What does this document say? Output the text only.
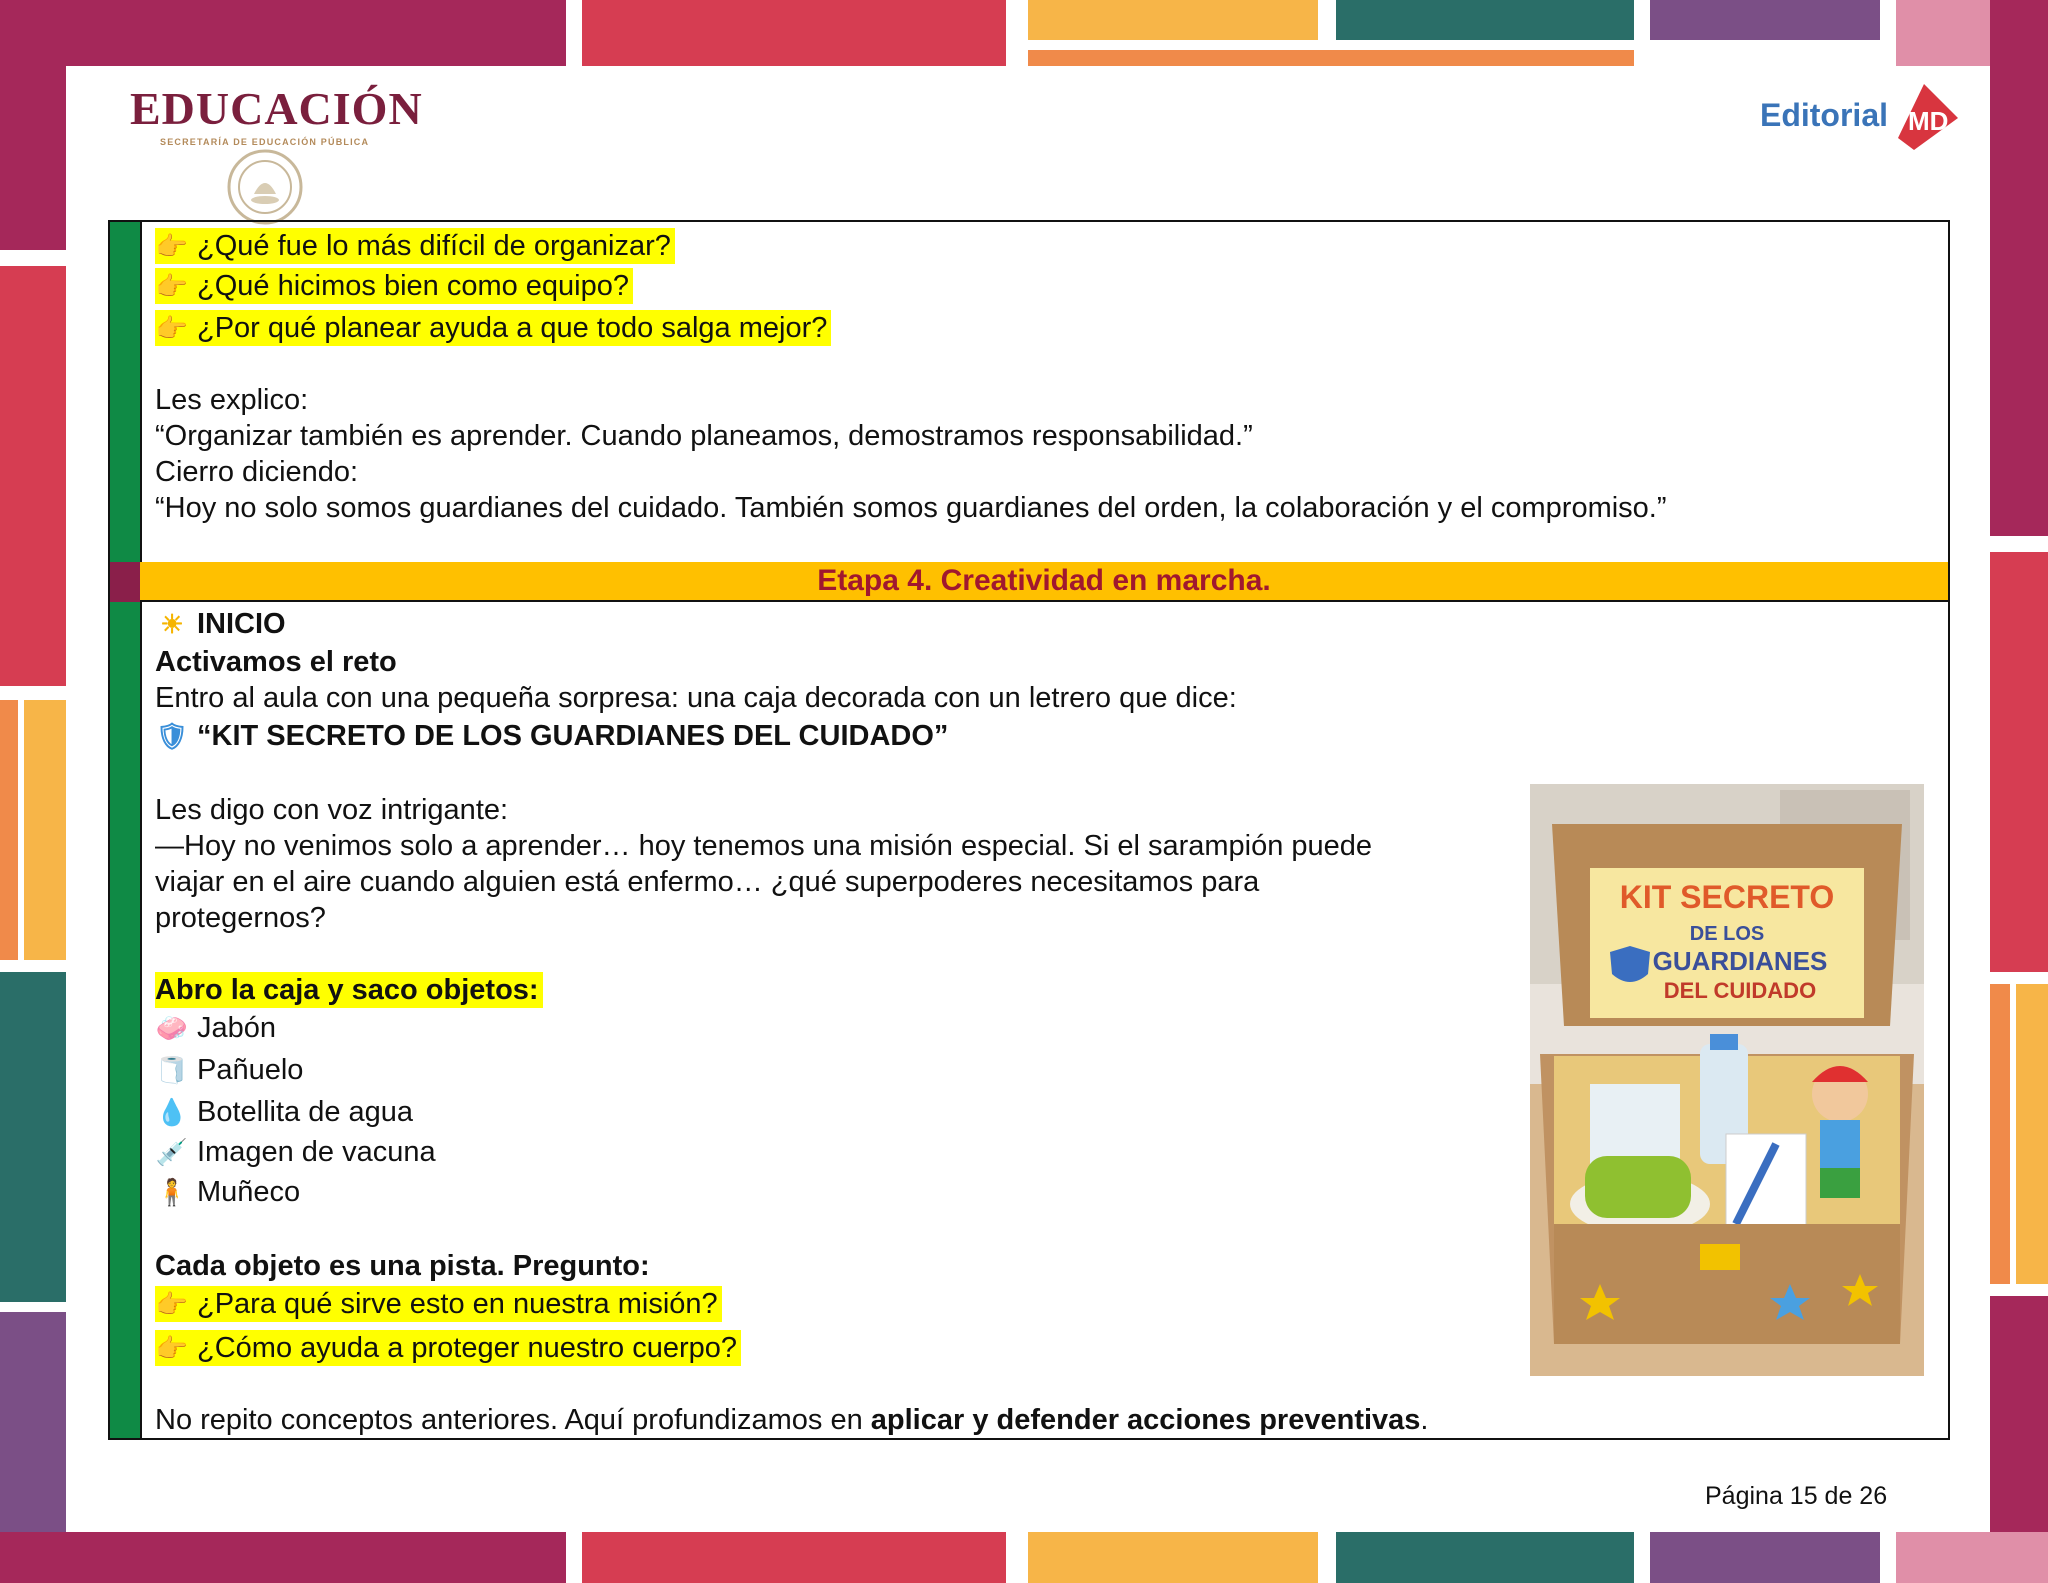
EDUCACIÓN
SECRETARÍA DE EDUCACIÓN PÚBLICA
Editorial MD
Etapa 4. Creatividad en marcha.
👉 ¿Qué fue lo más difícil de organizar?
👉 ¿Qué hicimos bien como equipo?
👉 ¿Por qué planear ayuda a que todo salga mejor?
Les explico:
“Organizar también es aprender. Cuando planeamos, demostramos responsabilidad.”
Cierro diciendo:
“Hoy no solo somos guardianes del cuidado. También somos guardianes del orden, la colaboración y el compromiso.”
☀ INICIO
Activamos el reto
Entro al aula con una pequeña sorpresa: una caja decorada con un letrero que dice:
🛡 “KIT SECRETO DE LOS GUARDIANES DEL CUIDADO”
Les digo con voz intrigante:
—Hoy no venimos solo a aprender… hoy tenemos una misión especial. Si el sarampión puede
viajar en el aire cuando alguien está enfermo… ¿qué superpoderes necesitamos para
protegernos?
Abro la caja y saco objetos:
🧼 Jabón
🧻 Pañuelo
💧 Botellita de agua
💉 Imagen de vacuna
🧍 Muñeco
Cada objeto es una pista. Pregunto:
👉 ¿Para qué sirve esto en nuestra misión?
👉 ¿Cómo ayuda a proteger nuestro cuerpo?
No repito conceptos anteriores. Aquí profundizamos en aplicar y defender acciones preventivas.
KIT SECRETO
DE LOS
GUARDIANES
DEL CUIDADO
Página 15 de 26
